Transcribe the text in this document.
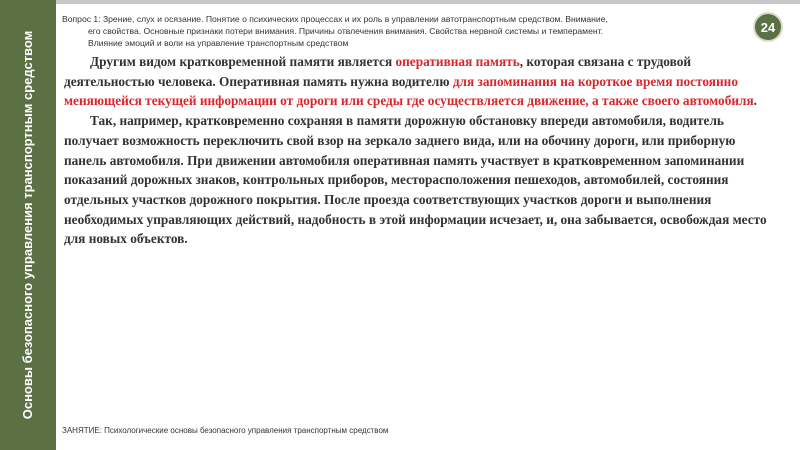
Основы безопасного управления транспортным средством
Вопрос 1: Зрение, слух и осязание. Понятие о психических процессах и их роль в управлении автотранспортным средством. Внимание,
его свойства. Основные признаки потери внимания. Причины отвлечения внимания. Свойства нервной системы и темперамент.
Влияние эмоций и воли на управление транспортным средством
24

Другим видом кратковременной памяти является оперативная память, которая связана с трудовой деятельностью человека. Оперативная память нужна водителю для запоминания на короткое время постоянно меняющейся текущей информации от дороги или среды где осуществляется движение, а также своего автомобиля.

Так, например, кратковременно сохраняя в памяти дорожную обстановку впереди автомобиля, водитель получает возможность переключить свой взор на зеркало заднего вида, или на обочину дороги, или приборную панель автомобиля. При движении автомобиля оперативная память участвует в кратковременном запоминании показаний дорожных знаков, контрольных приборов, месторасположения пешеходов, автомобилей, состояния отдельных участков дорожного покрытия. После проезда соответствующих участков дороги и выполнения необходимых управляющих действий, надобность в этой информации исчезает, и, она забывается, освобождая место для новых объектов.

ЗАНЯТИЕ: Психологические основы безопасного управления транспортным средством
